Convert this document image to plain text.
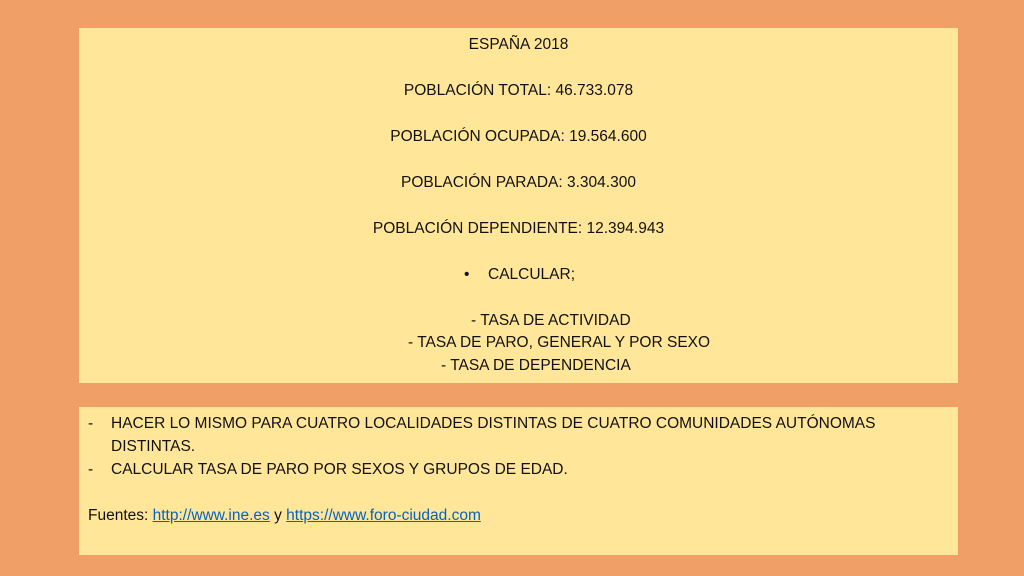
ESPAÑA 2018
POBLACIÓN TOTAL: 46.733.078
POBLACIÓN OCUPADA: 19.564.600
POBLACIÓN PARADA: 3.304.300
POBLACIÓN DEPENDIENTE: 12.394.943
• CALCULAR;
- TASA DE ACTIVIDAD
- TASA DE PARO, GENERAL Y POR SEXO
- TASA DE DEPENDENCIA
- HACER LO MISMO PARA CUATRO LOCALIDADES DISTINTAS DE CUATRO COMUNIDADES AUTÓNOMAS
DISTINTAS.
- CALCULAR TASA DE PARO POR SEXOS Y GRUPOS DE EDAD.
Fuentes: http://www.ine.es y https://www.foro-ciudad.com
